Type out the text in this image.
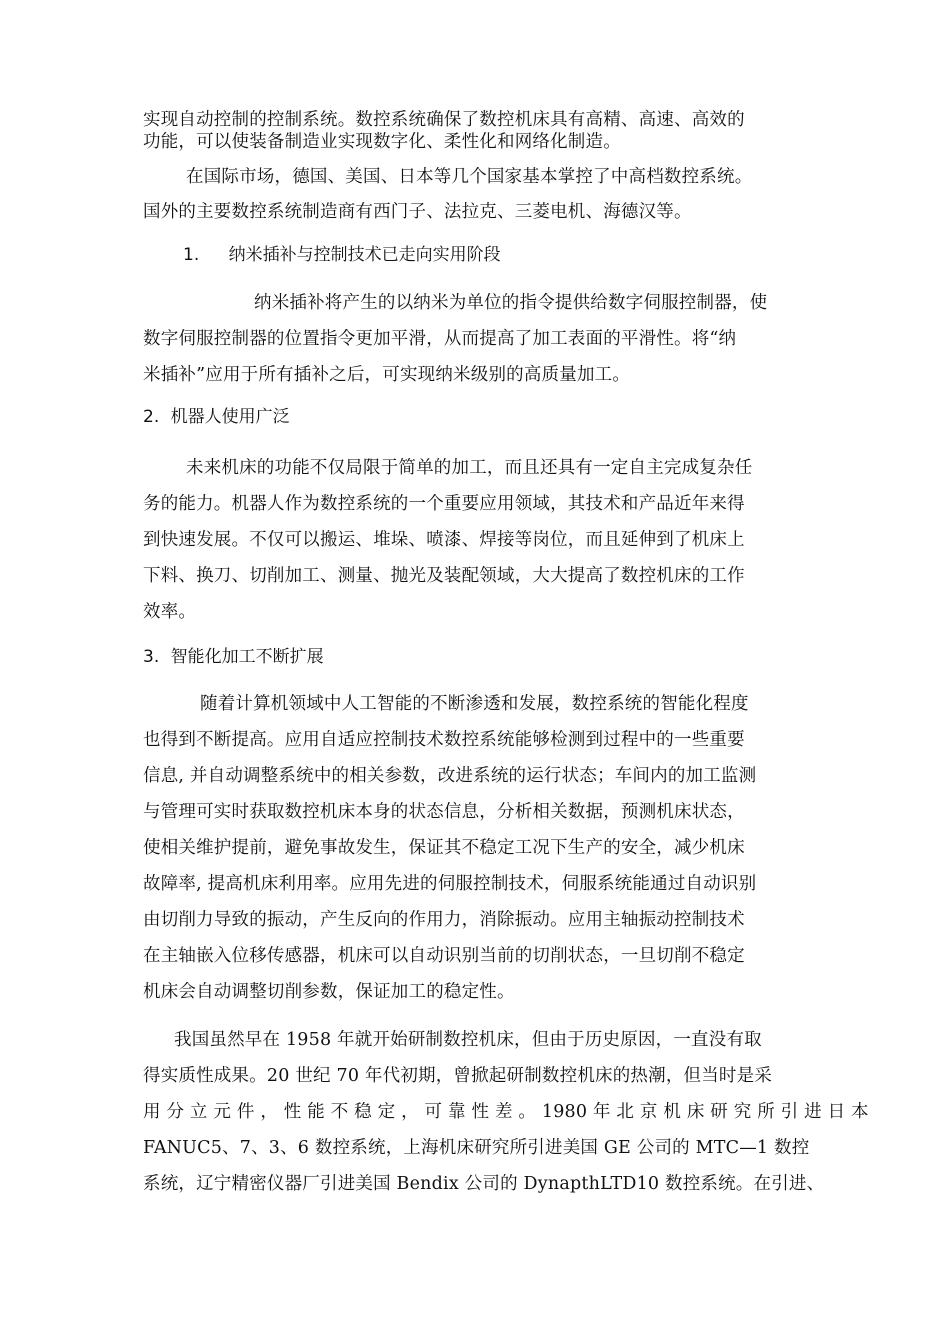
实现自动控制的控制系统。数控系统确保了数控机床具有高精、高速、高效的
功能，可以使装备制造业实现数字化、柔性化和网络化制造。
在国际市场，德国、美国、日本等几个国家基本掌控了中高档数控系统。
国外的主要数控系统制造商有西门子、法拉克、三菱电机、海德汉等。
1. 纳米插补与控制技术已走向实用阶段
纳米插补将产生的以纳米为单位的指令提供给数字伺服控制器，使
数字伺服控制器的位置指令更加平滑，从而提高了加工表面的平滑性。将“纳
米插补”应用于所有插补之后，可实现纳米级别的高质量加工。
2. 机器人使用广泛
未来机床的功能不仅局限于简单的加工，而且还具有一定自主完成复杂任
务的能力。机器人作为数控系统的一个重要应用领域，其技术和产品近年来得
到快速发展。不仅可以搬运、堆垛、喷漆、焊接等岗位，而且延伸到了机床上
下料、换刀、切削加工、测量、抛光及装配领域，大大提高了数控机床的工作
效率。
3. 智能化加工不断扩展
随着计算机领域中人工智能的不断渗透和发展，数控系统的智能化程度
也得到不断提高。应用自适应控制技术数控系统能够检测到过程中的一些重要
信息, 并自动调整系统中的相关参数，改进系统的运行状态；车间内的加工监测
与管理可实时获取数控机床本身的状态信息，分析相关数据，预测机床状态，
使相关维护提前，避免事故发生，保证其不稳定工况下生产的安全，减少机床
故障率, 提高机床利用率。应用先进的伺服控制技术，伺服系统能通过自动识别
由切削力导致的振动，产生反向的作用力，消除振动。应用主轴振动控制技术
在主轴嵌入位移传感器，机床可以自动识别当前的切削状态，一旦切削不稳定
机床会自动调整切削参数，保证加工的稳定性。
我国虽然早在 1958 年就开始研制数控机床，但由于历史原因，一直没有取
得实质性成果。20 世纪 70 年代初期，曾掀起研制数控机床的热潮，但当时是采
用 分 立 元 件 ， 性 能 不 稳 定 ， 可 靠 性 差 。 1980 年 北 京 机 床 研 究 所 引 进 日 本
FANUC5、7、3、6 数控系统，上海机床研究所引进美国 GE 公司的 MTC—1 数控
系统，辽宁精密仪器厂引进美国 Bendix 公司的 DynapthLTD10 数控系统。在引进、
